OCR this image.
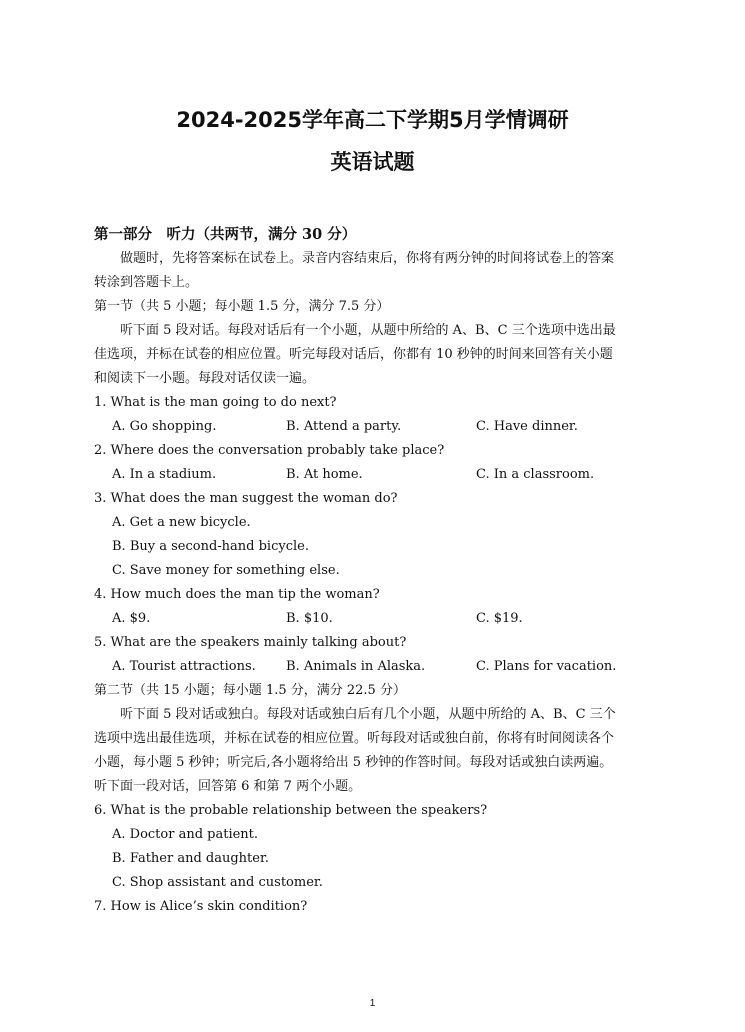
2024-2025学年高二下学期5月学情调研
英语试题
第一部分　听力（共两节，满分 30 分）
做题时，先将答案标在试卷上。录音内容结束后，你将有两分钟的时间将试卷上的答案
转涂到答题卡上。
第一节（共 5 小题；每小题 1.5 分，满分 7.5 分）
听下面 5 段对话。每段对话后有一个小题，从题中所给的 A、B、C 三个选项中选出最
佳选项，并标在试卷的相应位置。听完每段对话后，你都有 10 秒钟的时间来回答有关小题
和阅读下一小题。每段对话仅读一遍。
1. What is the man going to do next?
A. Go shopping.	B. Attend a party.	C. Have dinner.
2. Where does the conversation probably take place?
A. In a stadium.	B. At home.	C. In a classroom.
3. What does the man suggest the woman do?
A. Get a new bicycle.
B. Buy a second-hand bicycle.
C. Save money for something else.
4. How much does the man tip the woman?
A. $9.	B. $10.	C. $19.
5. What are the speakers mainly talking about?
A. Tourist attractions. B. Animals in Alaska.	C. Plans for vacation.
第二节（共 15 小题；每小题 1.5 分，满分 22.5 分）
听下面 5 段对话或独白。每段对话或独白后有几个小题，从题中所给的 A、B、C 三个
选项中选出最佳选项，并标在试卷的相应位置。听每段对话或独白前，你将有时间阅读各个
小题，每小题 5 秒钟；听完后,各小题将给出 5 秒钟的作答时间。每段对话或独白读两遍。
听下面一段对话，回答第 6 和第 7 两个小题。
6. What is the probable relationship between the speakers?
A. Doctor and patient.
B. Father and daughter.
C. Shop assistant and customer.
7. How is Alice’s skin condition?
1
